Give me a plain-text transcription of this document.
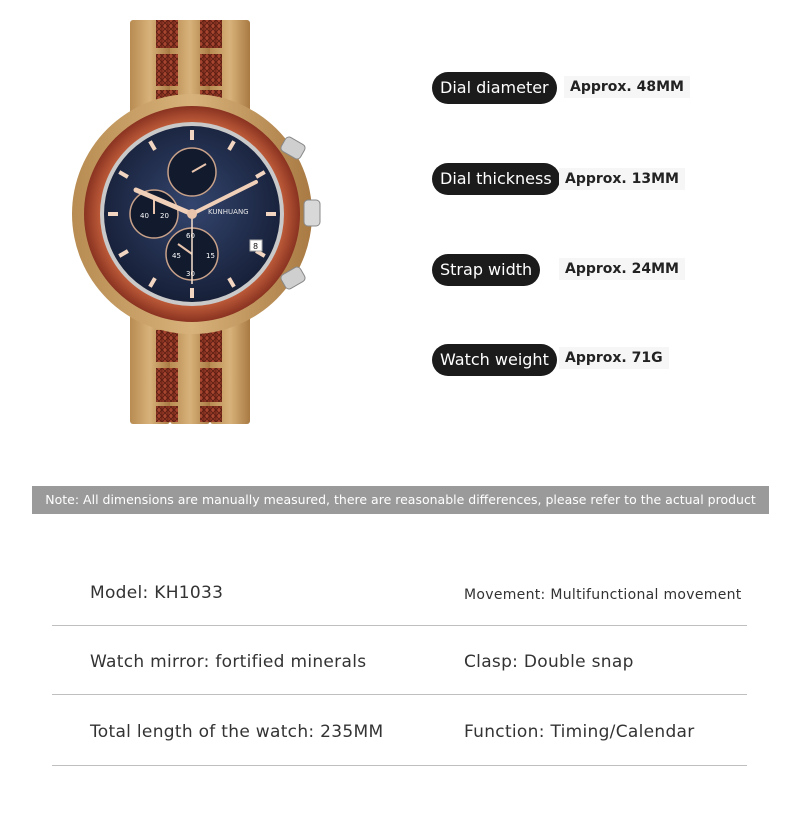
40 20
60
45	15
30
KUNHUANG
8
Dial diameter	Approx. 48MM
Dial thickness Approx. 13MM
Strap width	Approx. 24MM
Watch weight	Approx. 71G
Note: All dimensions are manually measured, there are reasonable differences, please refer to the actual product
Model: KH1033	Movement: Multifunctional movement
Watch mirror: fortified minerals	Clasp: Double snap
Total length of the watch: 235MM	Function: Timing/Calendar
